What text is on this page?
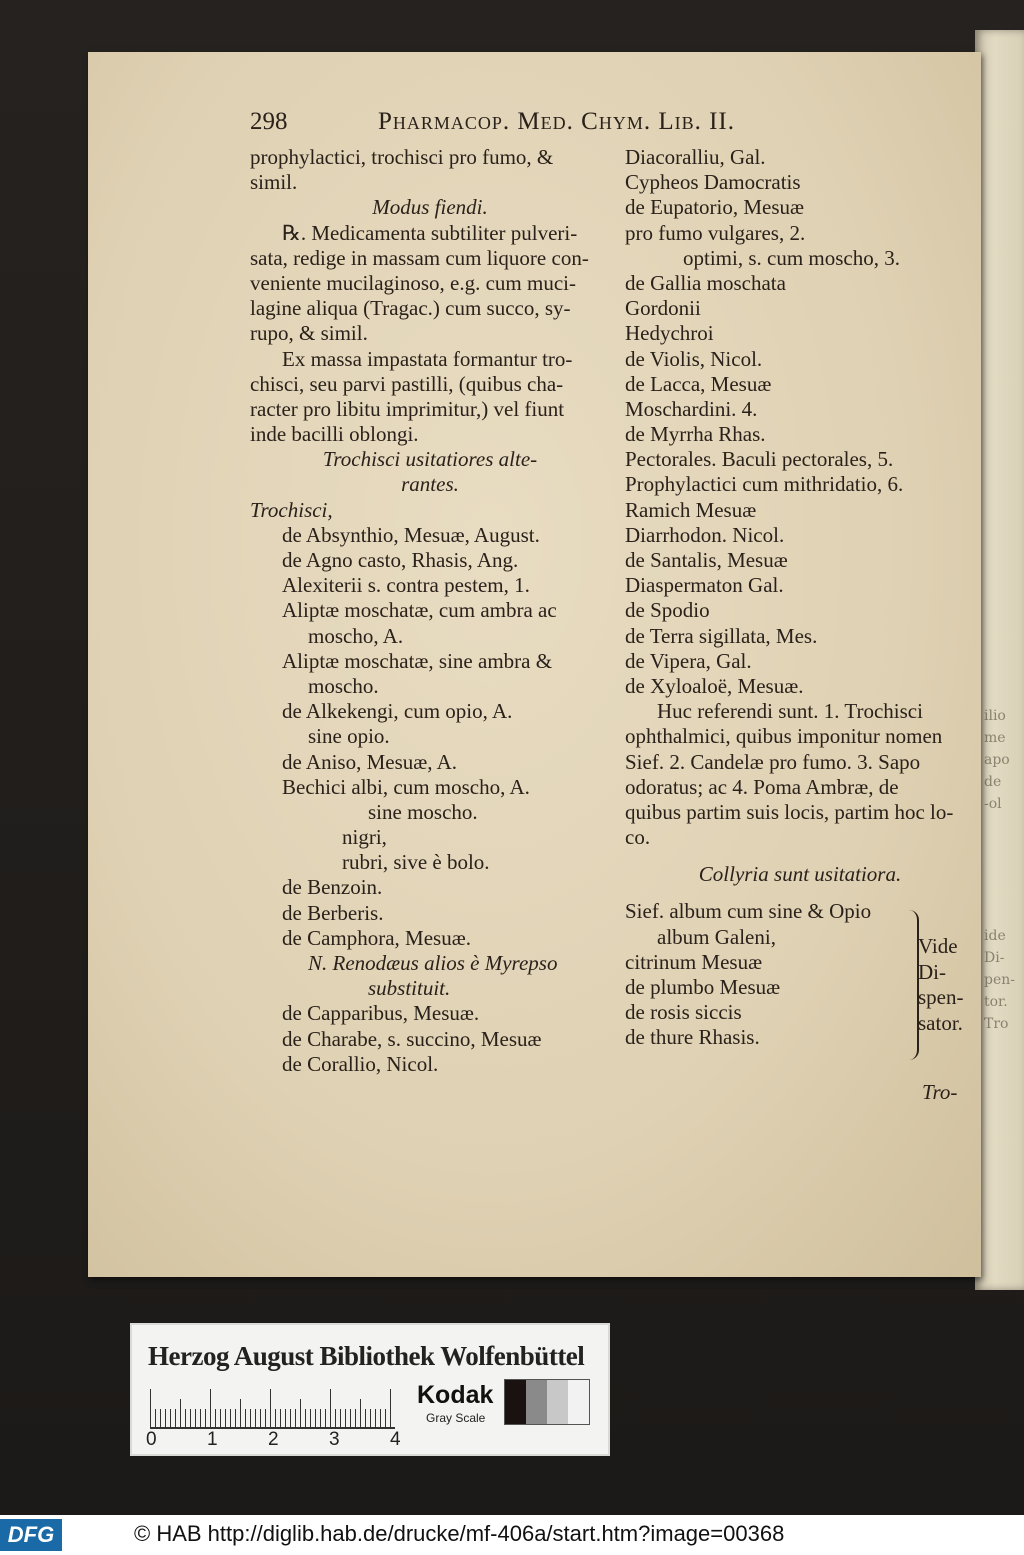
ilio
me
apo
de
-ol
ide
Di-
pen-
tor.
Tro
298	Pharmacop. Med. Chym. Lib. II.
prophylactici, trochisci pro fumo, &
simil.
Modus fiendi.
℞. Medicamenta subtiliter pulveri-
sata, redige in massam cum liquore con-
veniente mucilaginoso, e.g. cum muci-
lagine aliqua (Tragac.) cum succo, sy-
rupo, & simil.
Ex massa impastata formantur tro-
chisci, seu parvi pastilli, (quibus cha-
racter pro libitu imprimitur,) vel fiunt
inde bacilli oblongi.
Trochisci usitatiores alte-
rantes.
Trochisci,
de Absynthio, Mesuæ, August.
de Agno casto, Rhasis, Ang.
Alexiterii s. contra pestem, 1.
Aliptæ moschatæ, cum ambra ac
moscho, A.
Aliptæ moschatæ, sine ambra &
moscho.
de Alkekengi, cum opio, A.
sine opio.
de Aniso, Mesuæ, A.
Bechici albi, cum moscho, A.
sine moscho.
nigri,
rubri, sive è bolo.
de Benzoin.
de Berberis.
de Camphora, Mesuæ.
N. Renodæus alios è Myrepso
substituit.
de Capparibus, Mesuæ.
de Charabe, s. succino, Mesuæ
de Corallio, Nicol.
Diacoralliu, Gal.
Cypheos Damocratis
de Eupatorio, Mesuæ
pro fumo vulgares, 2.
optimi, s. cum moscho, 3.
de Gallia moschata
Gordonii
Hedychroi
de Violis, Nicol.
de Lacca, Mesuæ
Moschardini. 4.
de Myrrha Rhas.
Pectorales. Baculi pectorales, 5.
Prophylactici cum mithridatio, 6.
Ramich Mesuæ
Diarrhodon. Nicol.
de Santalis, Mesuæ
Diaspermaton Gal.
de Spodio
de Terra sigillata, Mes.
de Vipera, Gal.
de Xyloaloë, Mesuæ.
Huc referendi sunt. 1. Trochisci
ophthalmici, quibus imponitur nomen
Sief. 2. Candelæ pro fumo. 3. Sapo
odoratus; ac 4. Poma Ambræ, de
quibus partim suis locis, partim hoc lo-
co.
Collyria sunt usitatiora.
Sief. album cum sine & Opio
album Galeni,
citrinum Mesuæ
de plumbo Mesuæ
de rosis siccis
de thure Rhasis.
Vide
Di-
spen-
sator.
Tro-
Herzog August Bibliothek Wolfenbüttel
0	1	2	3	4
Kodak
Gray Scale
DFG	© HAB http://diglib.hab.de/drucke/mf-406a/start.htm?image=00368
